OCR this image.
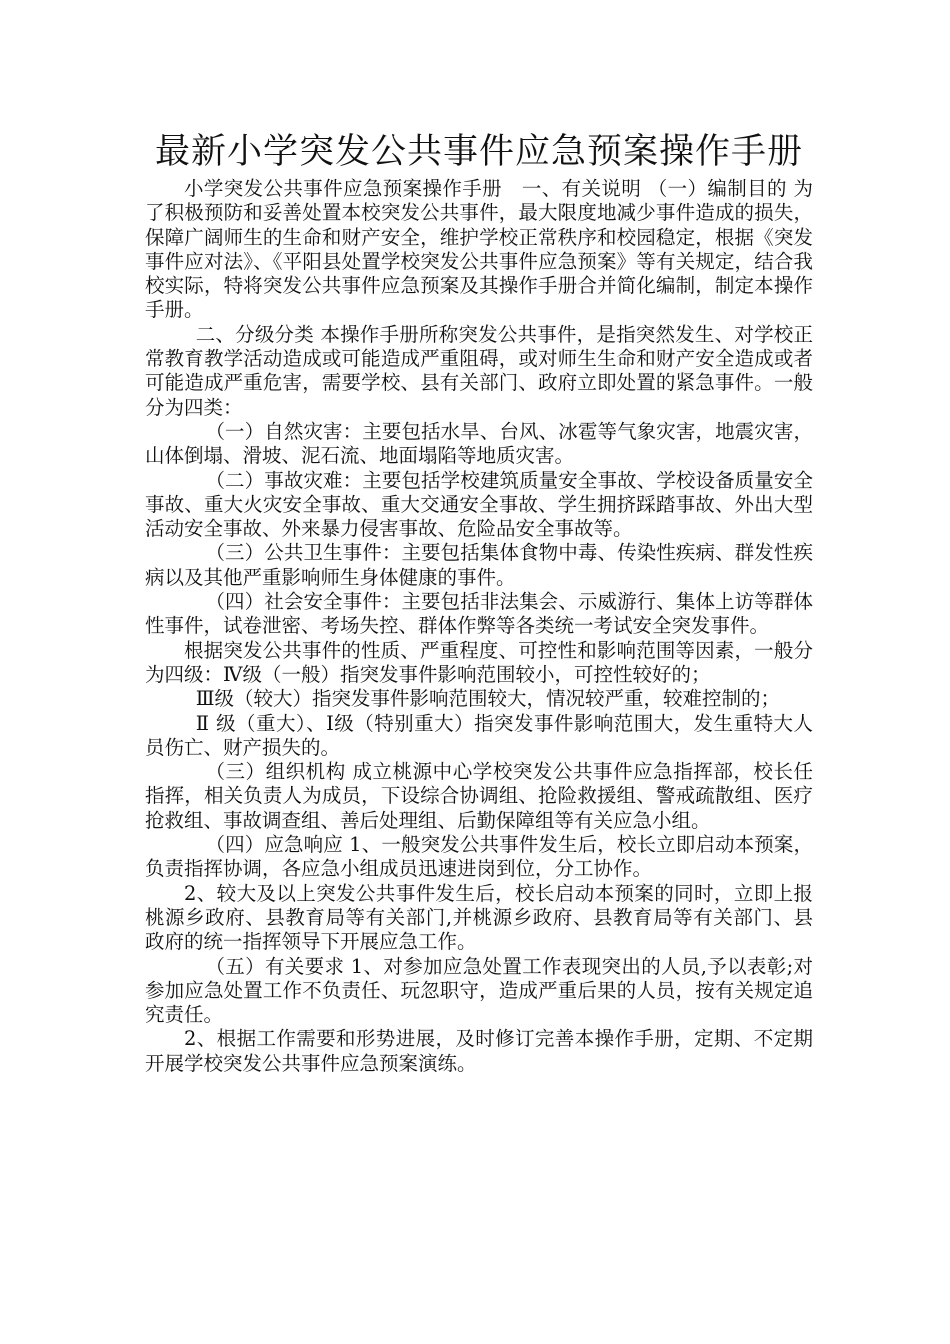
最新小学突发公共事件应急预案操作手册

小学突发公共事件应急预案操作手册　一、有关说明 （一）编制目的 为了积极预防和妥善处置本校突发公共事件，最大限度地减少事件造成的损失，保障广阔师生的生命和财产安全，维护学校正常秩序和校园稳定，根据《突发事件应对法》、《平阳县处置学校突发公共事件应急预案》等有关规定，结合我校实际，特将突发公共事件应急预案及其操作手册合并简化编制，制定本操作手册。

二、分级分类 本操作手册所称突发公共事件，是指突然发生、对学校正常教育教学活动造成或可能造成严重阻碍，或对师生生命和财产安全造成或者可能造成严重危害，需要学校、县有关部门、政府立即处置的紧急事件。一般分为四类：

（一）自然灾害：主要包括水旱、台风、冰雹等气象灾害，地震灾害，山体倒塌、滑坡、泥石流、地面塌陷等地质灾害。

（二）事故灾难：主要包括学校建筑质量安全事故、学校设备质量安全事故、重大火灾安全事故、重大交通安全事故、学生拥挤踩踏事故、外出大型活动安全事故、外来暴力侵害事故、危险品安全事故等。

（三）公共卫生事件：主要包括集体食物中毒、传染性疾病、群发性疾病以及其他严重影响师生身体健康的事件。

（四）社会安全事件：主要包括非法集会、示威游行、集体上访等群体性事件，试卷泄密、考场失控、群体作弊等各类统一考试安全突发事件。

根据突发公共事件的性质、严重程度、可控性和影响范围等因素，一般分为四级：Ⅳ级（一般）指突发事件影响范围较小，可控性较好的；

Ⅲ级（较大）指突发事件影响范围较大，情况较严重，较难控制的；

Ⅱ 级（重大）、Ⅰ级（特别重大）指突发事件影响范围大，发生重特大人员伤亡、财产损失的。

（三）组织机构 成立桃源中心学校突发公共事件应急指挥部，校长任指挥，相关负责人为成员，下设综合协调组、抢险救援组、警戒疏散组、医疗抢救组、事故调查组、善后处理组、后勤保障组等有关应急小组。

（四）应急响应 1、一般突发公共事件发生后，校长立即启动本预案，负责指挥协调，各应急小组成员迅速进岗到位，分工协作。

2、较大及以上突发公共事件发生后，校长启动本预案的同时，立即上报桃源乡政府、县教育局等有关部门,并桃源乡政府、县教育局等有关部门、县政府的统一指挥领导下开展应急工作。

（五）有关要求 1、对参加应急处置工作表现突出的人员,予以表彰;对参加应急处置工作不负责任、玩忽职守，造成严重后果的人员，按有关规定追究责任。

2、根据工作需要和形势进展，及时修订完善本操作手册，定期、不定期开展学校突发公共事件应急预案演练。
